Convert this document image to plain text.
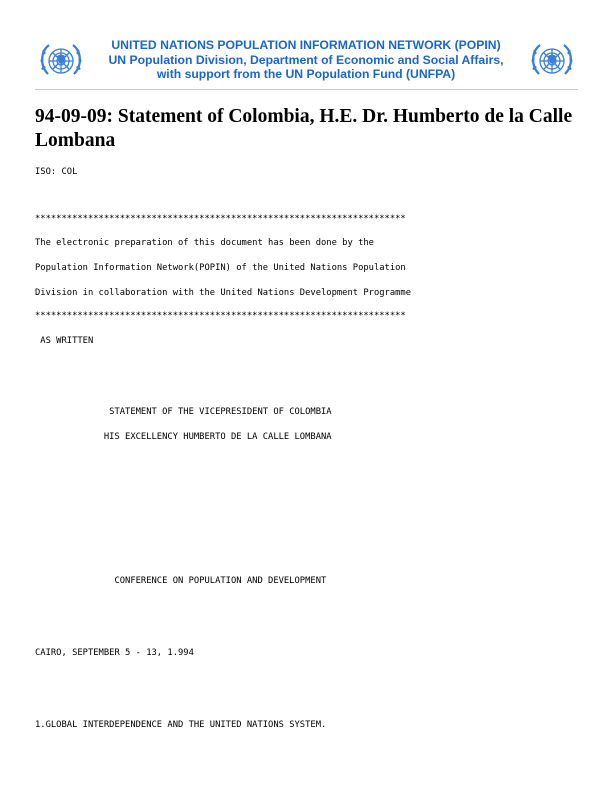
UNITED NATIONS POPULATION INFORMATION NETWORK (POPIN)
UN Population Division, Department of Economic and Social Affairs,
with support from the UN Population Fund (UNFPA)
94-09-09: Statement of Colombia, H.E. Dr. Humberto de la Calle Lombana
ISO: COL
**********************************************************************
The electronic preparation of this document has been done by the
Population Information Network(POPIN) of the United Nations Population
Division in collaboration with the United Nations Development Programme
**********************************************************************
AS WRITTEN
STATEMENT OF THE VICEPRESIDENT OF COLOMBIA
HIS EXCELLENCY HUMBERTO DE LA CALLE LOMBANA
CONFERENCE ON POPULATION AND DEVELOPMENT
CAIRO, SEPTEMBER 5 - 13, 1.994
1.GLOBAL INTERDEPENDENCE AND THE UNITED NATIONS SYSTEM.
